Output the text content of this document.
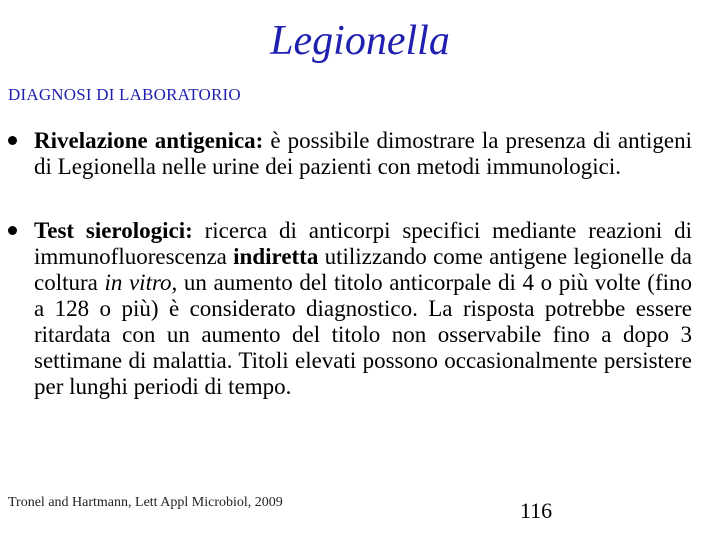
Legionella
DIAGNOSI DI LABORATORIO
Rivelazione antigenica: è possibile dimostrare la presenza di antigeni di Legionella nelle urine dei pazienti con metodi immunologici.
Test sierologici: ricerca di anticorpi specifici mediante reazioni di immunofluorescenza indiretta utilizzando come antigene legionelle da coltura in vitro, un aumento del titolo anticorpale di 4 o più volte (fino a 128 o più) è considerato diagnostico. La risposta potrebbe essere ritardata con un aumento del titolo non osservabile fino a dopo 3 settimane di malattia. Titoli elevati possono occasionalmente persistere per lunghi periodi di tempo.
Tronel and Hartmann, Lett Appl Microbiol, 2009	116
